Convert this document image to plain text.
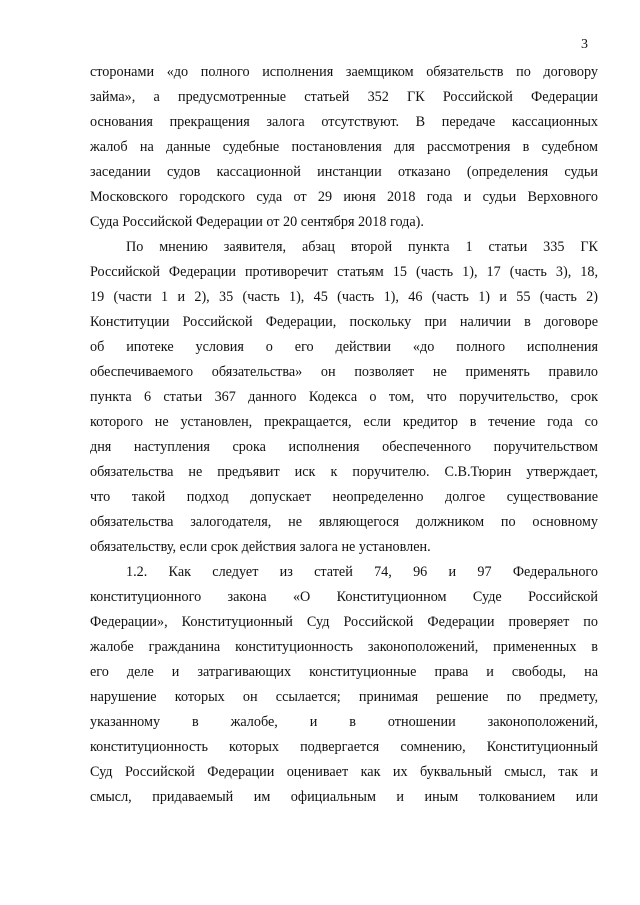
3
сторонами «до полного исполнения заемщиком обязательств по договору
займа», а предусмотренные статьей 352 ГК Российской Федерации
основания прекращения залога отсутствуют. В передаче кассационных
жалоб на данные судебные постановления для рассмотрения в судебном
заседании судов кассационной инстанции отказано (определения судьи
Московского городского суда от 29 июня 2018 года и судьи Верховного
Суда Российской Федерации от 20 сентября 2018 года).
По мнению заявителя, абзац второй пункта 1 статьи 335 ГК
Российской Федерации противоречит статьям 15 (часть 1), 17 (часть 3), 18,
19 (части 1 и 2), 35 (часть 1), 45 (часть 1), 46 (часть 1) и 55 (часть 2)
Конституции Российской Федерации, поскольку при наличии в договоре
об ипотеке условия о его действии «до полного исполнения
обеспечиваемого обязательства» он позволяет не применять правило
пункта 6 статьи 367 данного Кодекса о том, что поручительство, срок
которого не установлен, прекращается, если кредитор в течение года со
дня наступления срока исполнения обеспеченного поручительством
обязательства не предъявит иск к поручителю. С.В.Тюрин утверждает,
что такой подход допускает неопределенно долгое существование
обязательства залогодателя, не являющегося должником по основному
обязательству, если срок действия залога не установлен.
1.2. Как следует из статей 74, 96 и 97 Федерального
конституционного закона «О Конституционном Суде Российской
Федерации», Конституционный Суд Российской Федерации проверяет по
жалобе гражданина конституционность законоположений, примененных в
его деле и затрагивающих конституционные права и свободы, на
нарушение которых он ссылается; принимая решение по предмету,
указанному в жалобе, и в отношении законоположений,
конституционность которых подвергается сомнению, Конституционный
Суд Российской Федерации оценивает как их буквальный смысл, так и
смысл, придаваемый им официальным и иным толкованием или
